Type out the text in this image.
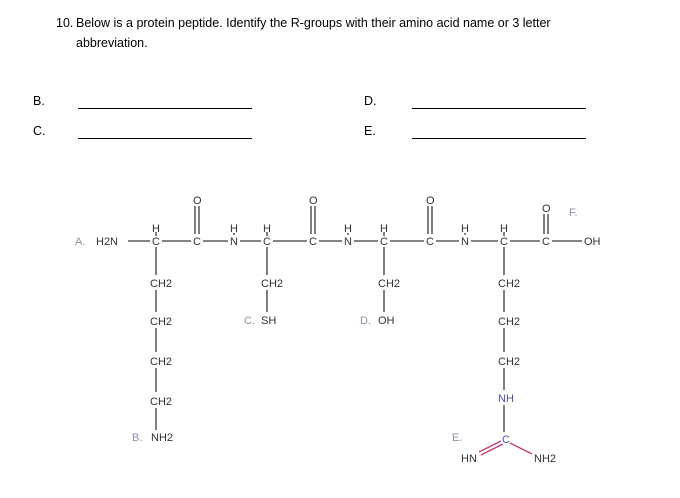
10. Below is a protein peptide. Identify the R-groups with their amino acid name or 3 letter
abbreviation.
B.	D.
C.	E.
A.
B.
C.	D.
E.
F.
H2N	C
H
C
O
N
H
C
H
C
O
N
H
C
H
C
O
N
H
C
H
C
O
OH
CH2
CH2
CH2
CH2
NH2
CH2
SH
CH2
OH
CH2
CH2
CH2
NH
C
HN	NH2
